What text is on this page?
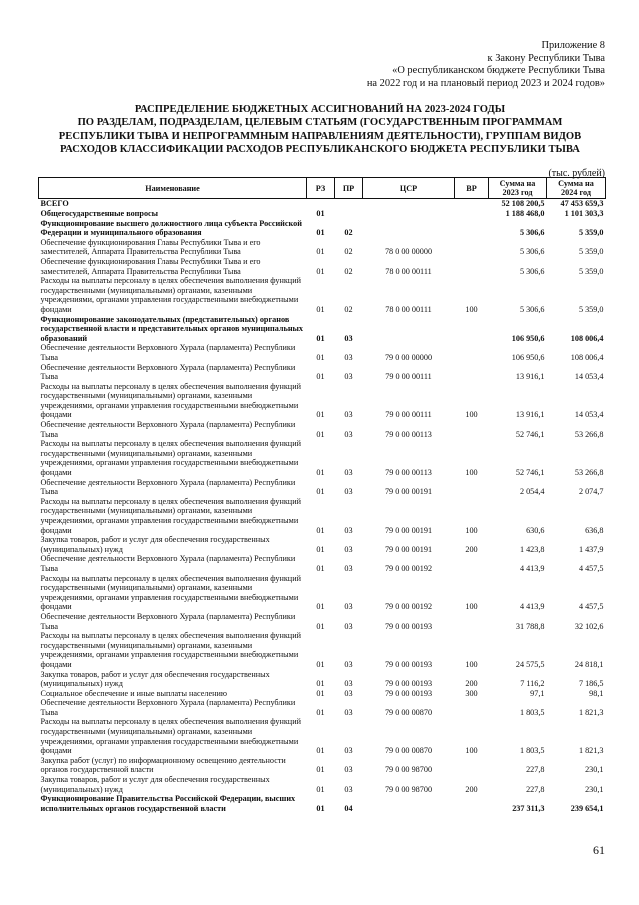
Приложение 8
к Закону Республики Тыва
«О республиканском бюджете Республики Тыва
на 2022 год и на плановый период 2023 и 2024 годов»
РАСПРЕДЕЛЕНИЕ БЮДЖЕТНЫХ АССИГНОВАНИЙ НА 2023-2024 ГОДЫ
ПО РАЗДЕЛАМ, ПОДРАЗДЕЛАМ, ЦЕЛЕВЫМ СТАТЬЯМ (ГОСУДАРСТВЕННЫМ ПРОГРАММАМ
РЕСПУБЛИКИ ТЫВА И НЕПРОГРАММНЫМ НАПРАВЛЕНИЯМ ДЕЯТЕЛЬНОСТИ), ГРУППАМ ВИДОВ
РАСХОДОВ КЛАССИФИКАЦИИ РАСХОДОВ РЕСПУБЛИКАНСКОГО БЮДЖЕТА РЕСПУБЛИКИ ТЫВА
(тыс. рублей)
Наименование	РЗ	ПР	ЦСР	ВР	Сумма на 2023 год	Сумма на 2024 год
ВСЕГО					52 108 200,5	47 453 659,3
Общегосударственные вопросы	01				1 188 468,0	1 101 303,3
Функционирование высшего должностного лица субъекта Российской Федерации и муниципального образования	01	02			5 306,6	5 359,0
Обеспечение функционирования Главы Республики Тыва и его заместителей, Аппарата Правительства Республики Тыва	01	02	78 0 00 00000		5 306,6	5 359,0
Обеспечение функционирования Главы Республики Тыва и его заместителей, Аппарата Правительства Республики Тыва	01	02	78 0 00 00111		5 306,6	5 359,0
Расходы на выплаты персоналу в целях обеспечения выполнения функций государственными (муниципальными) органами, казенными учреждениями, органами управления государственными внебюджетными фондами	01	02	78 0 00 00111	100	5 306,6	5 359,0
Функционирование законодательных (представительных) органов государственной власти и представительных органов муниципальных образований	01	03			106 950,6	108 006,4
Обеспечение деятельности Верховного Хурала (парламента) Республики Тыва	01	03	79 0 00 00000		106 950,6	108 006,4
Обеспечение деятельности Верховного Хурала (парламента) Республики Тыва	01	03	79 0 00 00111		13 916,1	14 053,4
Расходы на выплаты персоналу в целях обеспечения выполнения функций государственными (муниципальными) органами, казенными учреждениями, органами управления государственными внебюджетными фондами	01	03	79 0 00 00111	100	13 916,1	14 053,4
Обеспечение деятельности Верховного Хурала (парламента) Республики Тыва	01	03	79 0 00 00113		52 746,1	53 266,8
Расходы на выплаты персоналу в целях обеспечения выполнения функций государственными (муниципальными) органами, казенными учреждениями, органами управления государственными внебюджетными фондами	01	03	79 0 00 00113	100	52 746,1	53 266,8
Обеспечение деятельности Верховного Хурала (парламента) Республики Тыва	01	03	79 0 00 00191		2 054,4	2 074,7
Расходы на выплаты персоналу в целях обеспечения выполнения функций государственными (муниципальными) органами, казенными учреждениями, органами управления государственными внебюджетными фондами	01	03	79 0 00 00191	100	630,6	636,8
Закупка товаров, работ и услуг для обеспечения государственных (муниципальных) нужд	01	03	79 0 00 00191	200	1 423,8	1 437,9
Обеспечение деятельности Верховного Хурала (парламента) Республики Тыва	01	03	79 0 00 00192		4 413,9	4 457,5
Расходы на выплаты персоналу в целях обеспечения выполнения функций государственными (муниципальными) органами, казенными учреждениями, органами управления государственными внебюджетными фондами	01	03	79 0 00 00192	100	4 413,9	4 457,5
Обеспечение деятельности Верховного Хурала (парламента) Республики Тыва	01	03	79 0 00 00193		31 788,8	32 102,6
Расходы на выплаты персоналу в целях обеспечения выполнения функций государственными (муниципальными) органами, казенными учреждениями, органами управления государственными внебюджетными фондами	01	03	79 0 00 00193	100	24 575,5	24 818,1
Закупка товаров, работ и услуг для обеспечения государственных (муниципальных) нужд	01	03	79 0 00 00193	200	7 116,2	7 186,5
Социальное обеспечение и иные выплаты населению	01	03	79 0 00 00193	300	97,1	98,1
Обеспечение деятельности Верховного Хурала (парламента) Республики Тыва	01	03	79 0 00 00870		1 803,5	1 821,3
Расходы на выплаты персоналу в целях обеспечения выполнения функций государственными (муниципальными) органами, казенными учреждениями, органами управления государственными внебюджетными фондами	01	03	79 0 00 00870	100	1 803,5	1 821,3
Закупка работ (услуг) по информационному освещению деятельности органов государственной власти	01	03	79 0 00 98700		227,8	230,1
Закупка товаров, работ и услуг для обеспечения государственных (муниципальных) нужд	01	03	79 0 00 98700	200	227,8	230,1
Функционирование Правительства Российской Федерации, высших исполнительных органов государственной власти	01	04			237 311,3	239 654,1
61
